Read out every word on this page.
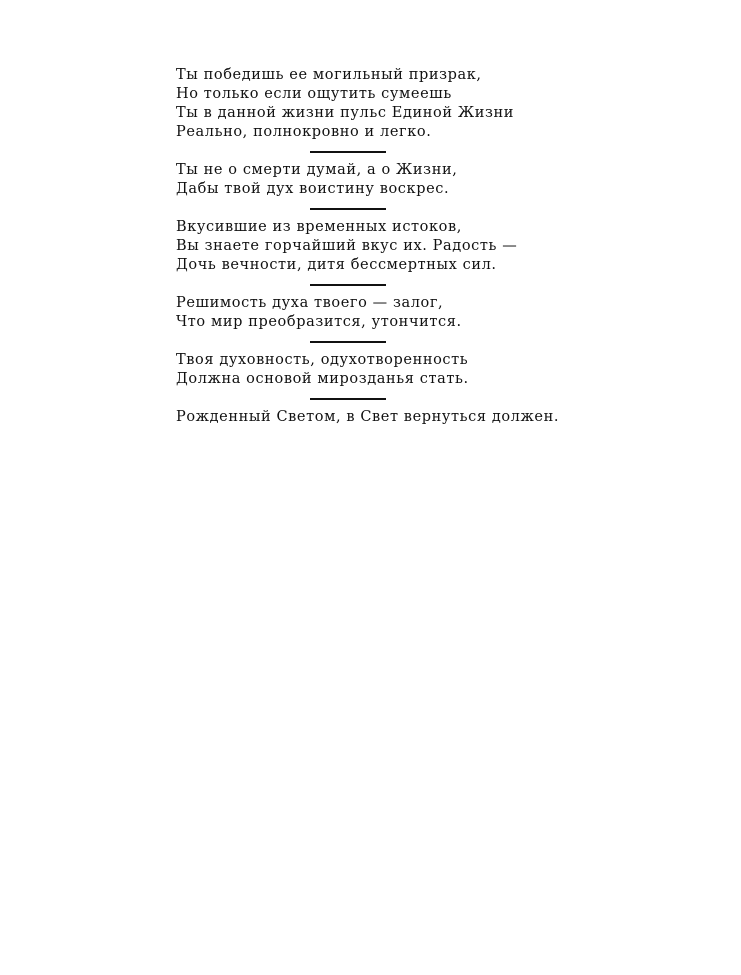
Ты победишь ее могильный призрак,
Но только если ощутить сумеешь
Ты в данной жизни пульс Единой Жизни
Реально, полнокровно и легко.
Ты не о смерти думай, а о Жизни,
Дабы твой дух воистину воскрес.
Вкусившие из временных истоков,
Вы знаете горчайший вкус их. Радость —
Дочь вечности, дитя бессмертных сил.
Решимость духа твоего — залог,
Что мир преобразится, утончится.
Твоя духовность, одухотворенность
Должна основой мирозданья стать.
Рожденный Светом, в Свет вернуться должен.
